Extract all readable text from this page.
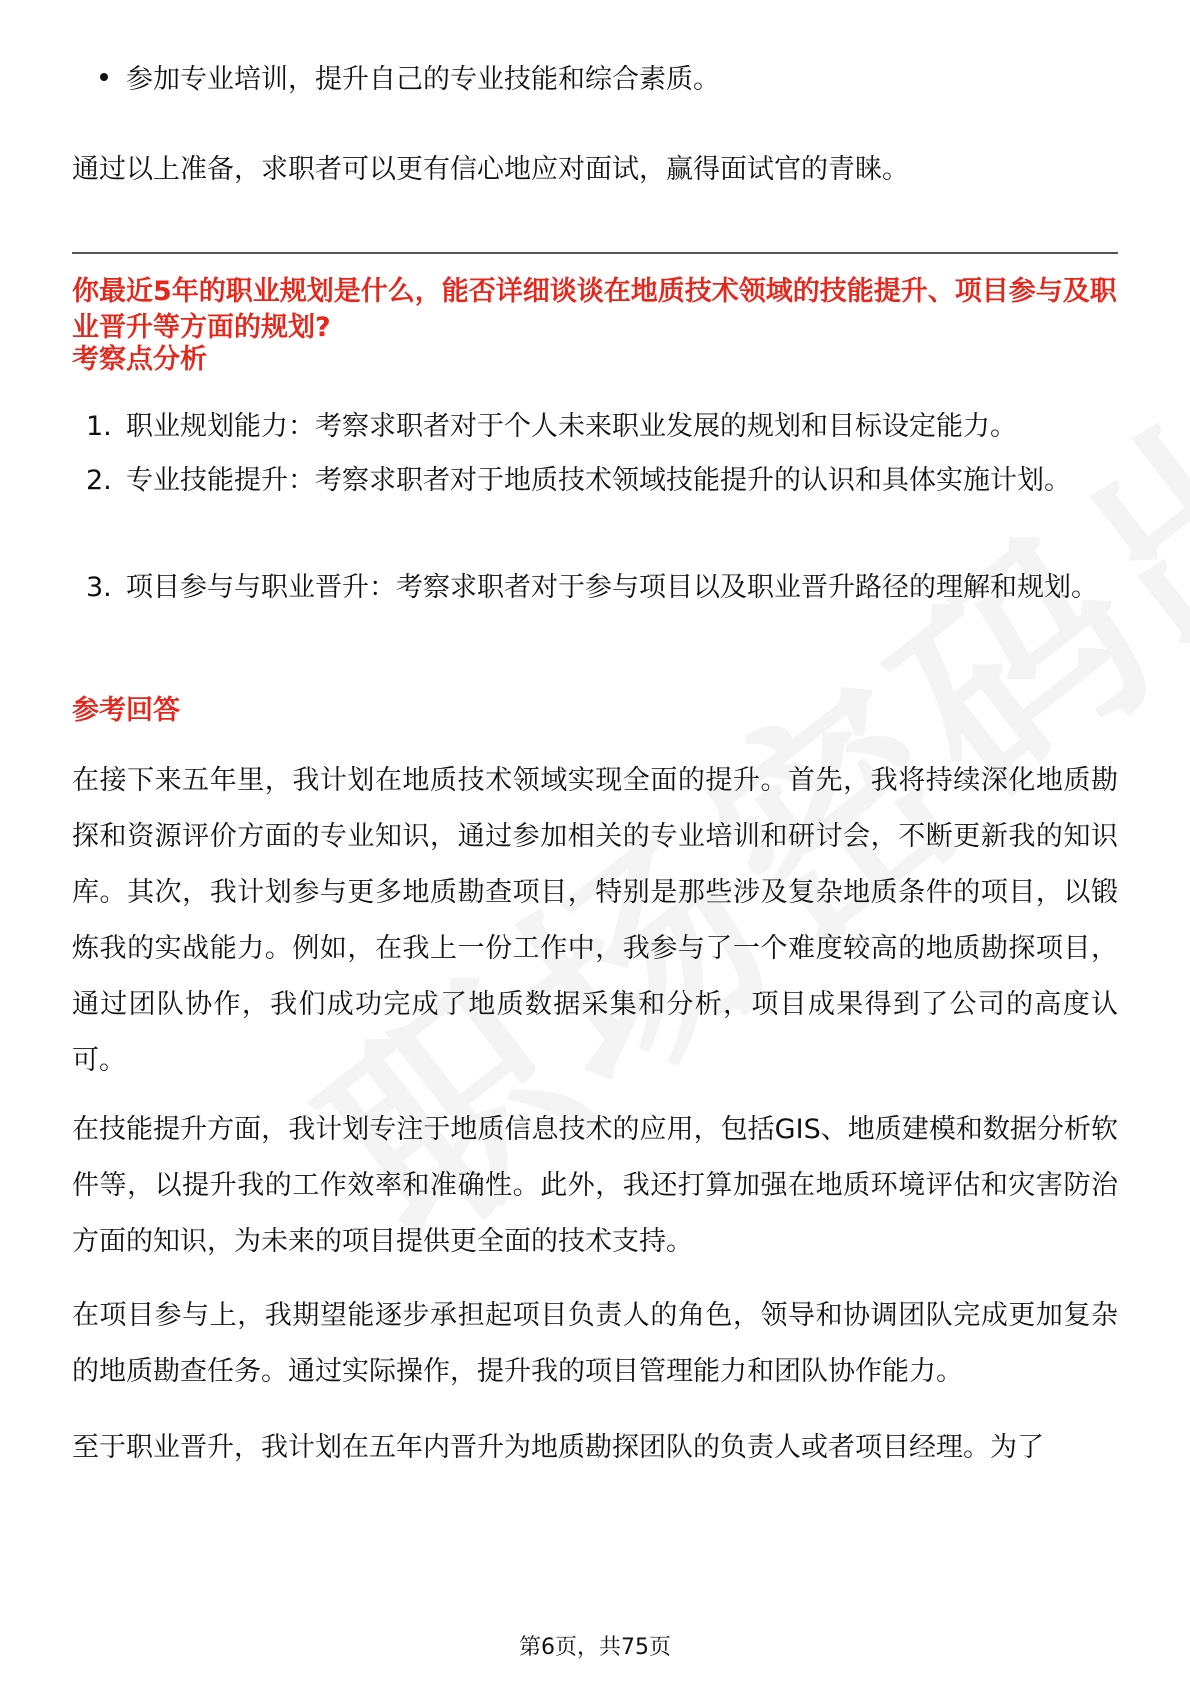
参加专业培训，提升自己的专业技能和综合素质。
通过以上准备，求职者可以更有信心地应对面试，赢得面试官的青睐。
你最近5年的职业规划是什么，能否详细谈谈在地质技术领域的技能提升、项目参与及职业晋升等方面的规划?
考察点分析
1. 职业规划能力：考察求职者对于个人未来职业发展的规划和目标设定能力。
2. 专业技能提升：考察求职者对于地质技术领域技能提升的认识和具体实施计划。
3. 项目参与与职业晋升：考察求职者对于参与项目以及职业晋升路径的理解和规划。
参考回答
在接下来五年里，我计划在地质技术领域实现全面的提升。首先，我将持续深化地质勘探和资源评价方面的专业知识，通过参加相关的专业培训和研讨会，不断更新我的知识库。其次，我计划参与更多地质勘查项目，特别是那些涉及复杂地质条件的项目，以锻炼我的实战能力。例如，在我上一份工作中，我参与了一个难度较高的地质勘探项目，通过团队协作，我们成功完成了地质数据采集和分析，项目成果得到了公司的高度认可。
在技能提升方面，我计划专注于地质信息技术的应用，包括GIS、地质建模和数据分析软件等，以提升我的工作效率和准确性。此外，我还打算加强在地质环境评估和灾害防治方面的知识，为未来的项目提供更全面的技术支持。
在项目参与上，我期望能逐步承担起项目负责人的角色，领导和协调团队完成更加复杂的地质勘查任务。通过实际操作，提升我的项目管理能力和团队协作能力。
至于职业晋升，我计划在五年内晋升为地质勘探团队的负责人或者项目经理。为了
第6页，共75页
